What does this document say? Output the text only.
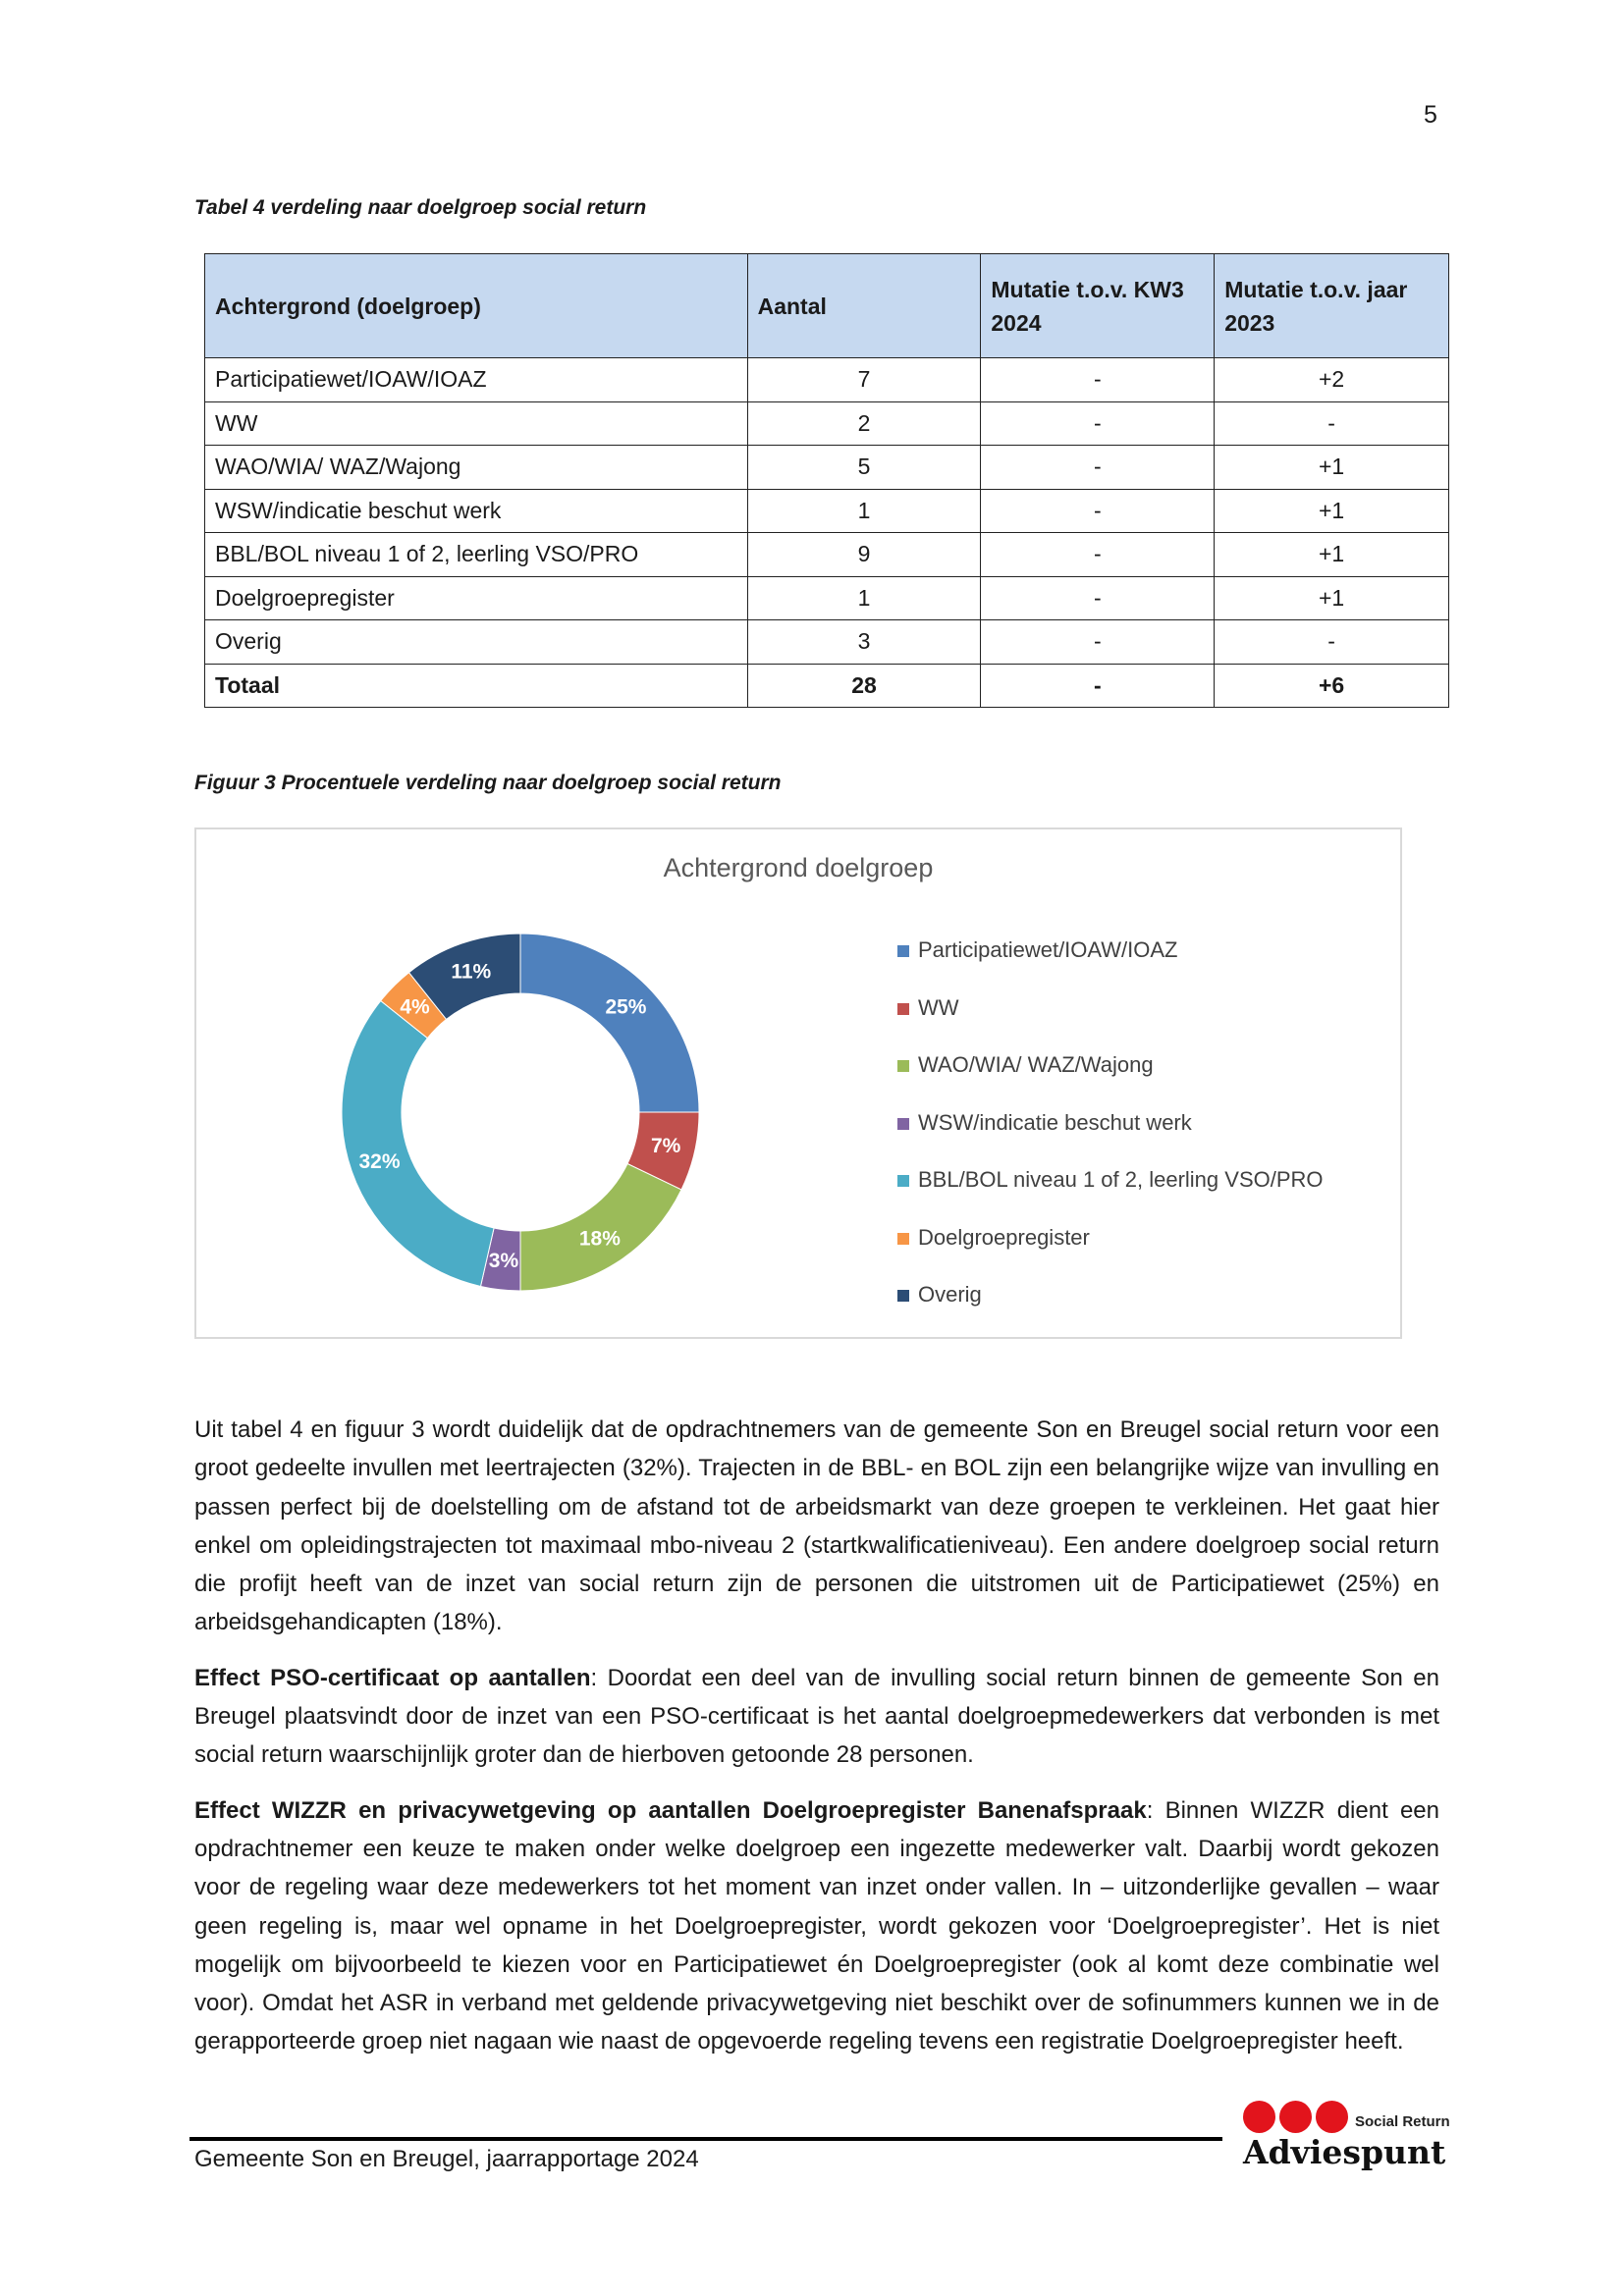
5
Tabel 4 verdeling naar doelgroep social return
Achtergrond (doelgroep)	Aantal	Mutatie t.o.v. KW3 2024	Mutatie t.o.v. jaar 2023
Participatiewet/IOAW/IOAZ	7	-	+2
WW	2	-	-
WAO/WIA/ WAZ/Wajong	5	-	+1
WSW/indicatie beschut werk	1	-	+1
BBL/BOL niveau 1 of 2, leerling VSO/PRO	9	-	+1
Doelgroepregister	1	-	+1
Overig	3	-	-
Totaal	28	-	+6
Figuur 3 Procentuele verdeling naar doelgroep social return
Achtergrond doelgroep
25%
7%
18%
3%
32%
4%
11%
Participatiewet/IOAW/IOAZ
WW
WAO/WIA/ WAZ/Wajong
WSW/indicatie beschut werk
BBL/BOL niveau 1 of 2, leerling VSO/PRO
Doelgroepregister
Overig

Uit tabel 4 en figuur 3 wordt duidelijk dat de opdrachtnemers van de gemeente Son en Breugel social return voor een groot gedeelte invullen met leertrajecten (32%). Trajecten in de BBL- en BOL zijn een belangrijke wijze van invulling en passen perfect bij de doelstelling om de afstand tot de arbeidsmarkt van deze groepen te verkleinen. Het gaat hier enkel om opleidingstrajecten tot maximaal mbo-niveau 2 (startkwalificatieniveau). Een andere doelgroep social return die profijt heeft van de inzet van social return zijn de personen die uitstromen uit de Participatiewet (25%) en arbeidsgehandicapten (18%).

Effect PSO-certificaat op aantallen: Doordat een deel van de invulling social return binnen de gemeente Son en Breugel plaatsvindt door de inzet van een PSO-certificaat is het aantal doelgroepmedewerkers dat verbonden is met social return waarschijnlijk groter dan de hierboven getoonde 28 personen.

Effect WIZZR en privacywetgeving op aantallen Doelgroepregister Banenafspraak: Binnen WIZZR dient een opdrachtnemer een keuze te maken onder welke doelgroep een ingezette medewerker valt. Daarbij wordt gekozen voor de regeling waar deze medewerkers tot het moment van inzet onder vallen. In – uitzonderlijke gevallen – waar geen regeling is, maar wel opname in het Doelgroepregister, wordt gekozen voor ‘Doelgroepregister’. Het is niet mogelijk om bijvoorbeeld te kiezen voor en Participatiewet én Doelgroepregister (ook al komt deze combinatie wel voor). Omdat het ASR in verband met geldende privacywetgeving niet beschikt over de sofinummers kunnen we in de gerapporteerde groep niet nagaan wie naast de opgevoerde regeling tevens een registratie Doelgroepregister heeft.

Gemeente Son en Breugel, jaarrapportage 2024
Social Return
Adviespunt
